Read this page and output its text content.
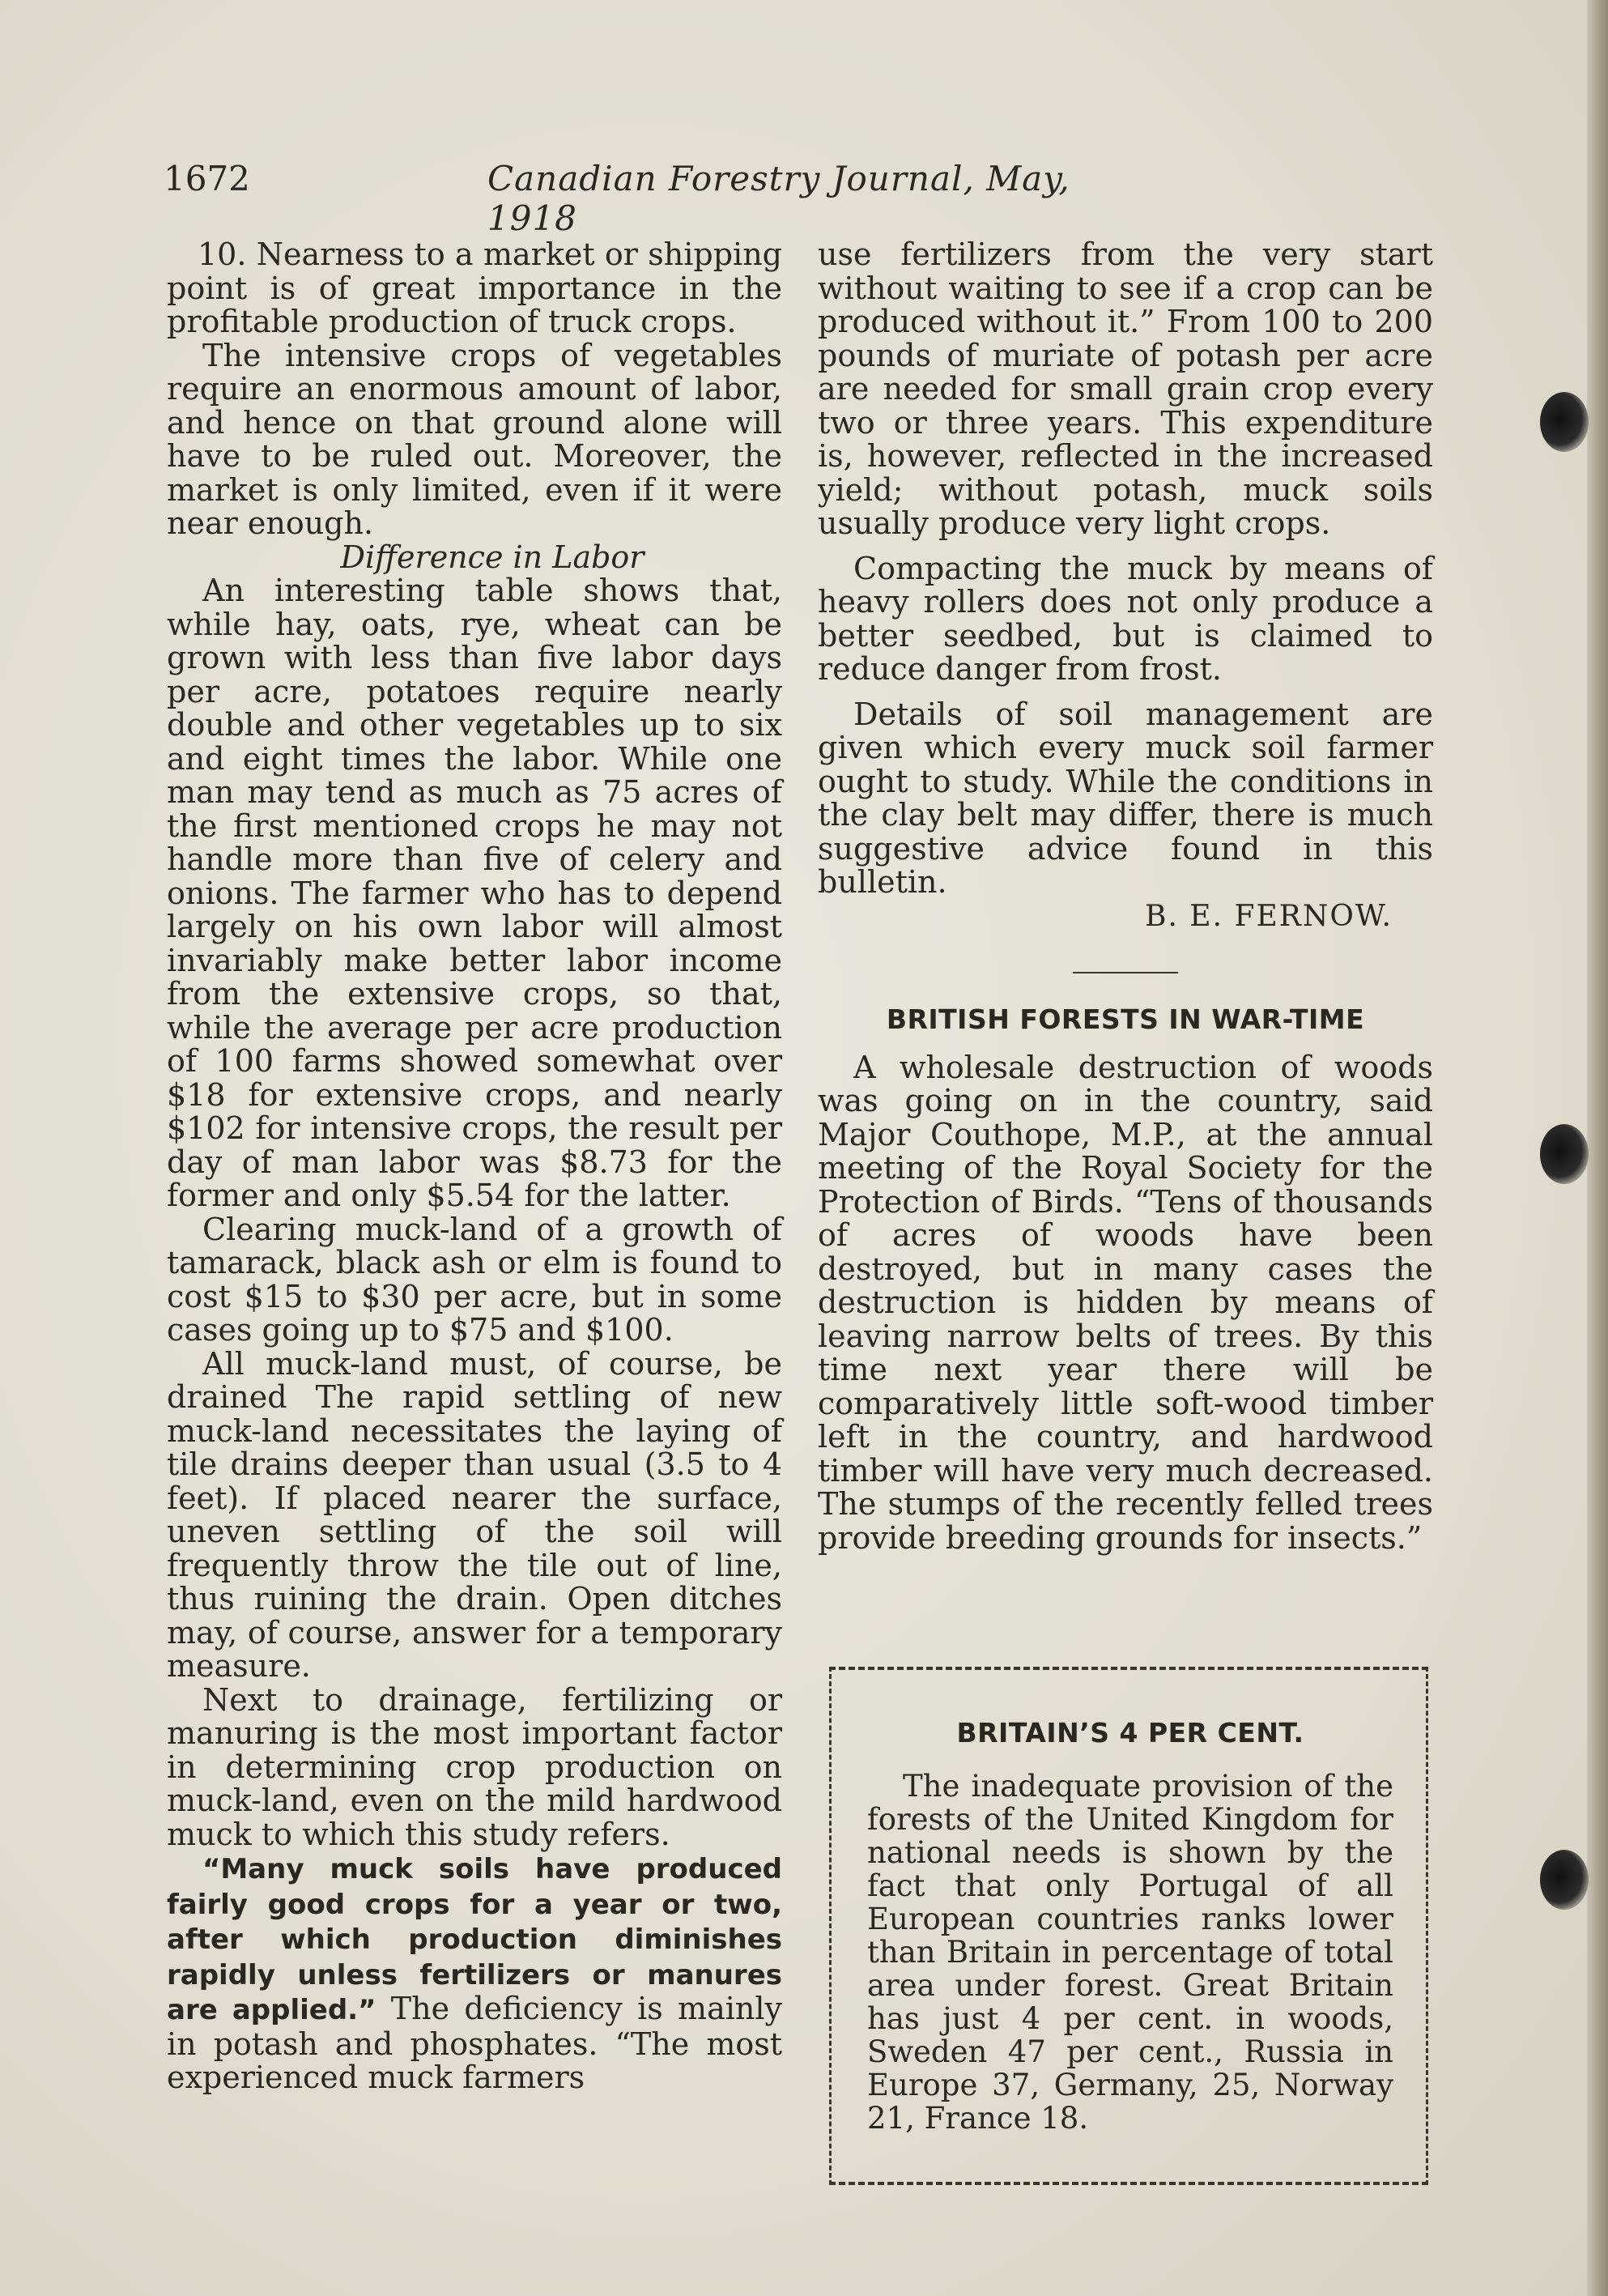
1672	Canadian Forestry Journal, May, 1918

10. Nearness to a market or shipping point is of great importance in the profitable production of truck crops.

The intensive crops of vegetables require an enormous amount of labor, and hence on that ground alone will have to be ruled out. Moreover, the market is only limited, even if it were near enough.

Difference in Labor

An interesting table shows that, while hay, oats, rye, wheat can be grown with less than five labor days per acre, potatoes require nearly double and other vegetables up to six and eight times the labor. While one man may tend as much as 75 acres of the first mentioned crops he may not handle more than five of celery and onions. The farmer who has to depend largely on his own labor will almost invariably make better labor income from the extensive crops, so that, while the average per acre production of 100 farms showed somewhat over $18 for extensive crops, and nearly $102 for intensive crops, the result per day of man labor was $8.73 for the former and only $5.54 for the latter.

Clearing muck-land of a growth of tamarack, black ash or elm is found to cost $15 to $30 per acre, but in some cases going up to $75 and $100.

All muck-land must, of course, be drained The rapid settling of new muck-land necessitates the laying of tile drains deeper than usual (3.5 to 4 feet). If placed nearer the surface, uneven settling of the soil will frequently throw the tile out of line, thus ruining the drain. Open ditches may, of course, answer for a temporary measure.

Next to drainage, fertilizing or manuring is the most important factor in determining crop production on muck-land, even on the mild hardwood muck to which this study refers.

“Many muck soils have produced fairly good crops for a year or two, after which production diminishes rapidly unless fertilizers or manures are applied.” The deficiency is mainly in potash and phosphates. “The most experienced muck farmers

use fertilizers from the very start without waiting to see if a crop can be produced without it.” From 100 to 200 pounds of muriate of potash per acre are needed for small grain crop every two or three years. This expenditure is, however, reflected in the increased yield; without potash, muck soils usually produce very light crops.

Compacting the muck by means of heavy rollers does not only produce a better seedbed, but is claimed to reduce danger from frost.

Details of soil management are given which every muck soil farmer ought to study. While the conditions in the clay belt may differ, there is much suggestive advice found in this bulletin.

B. E. FERNOW.

BRITISH FORESTS IN WAR-TIME

A wholesale destruction of woods was going on in the country, said Major Couthope, M.P., at the annual meeting of the Royal Society for the Protection of Birds. “Tens of thousands of acres of woods have been destroyed, but in many cases the destruction is hidden by means of leaving narrow belts of trees. By this time next year there will be comparatively little soft-wood timber left in the country, and hardwood timber will have very much decreased. The stumps of the recently felled trees provide breeding grounds for insects.”

BRITAIN’S 4 PER CENT.

The inadequate provision of the forests of the United Kingdom for national needs is shown by the fact that only Portugal of all European countries ranks lower than Britain in percentage of total area under forest. Great Britain has just 4 per cent. in woods, Sweden 47 per cent., Russia in Europe 37, Germany, 25, Norway 21, France 18.
